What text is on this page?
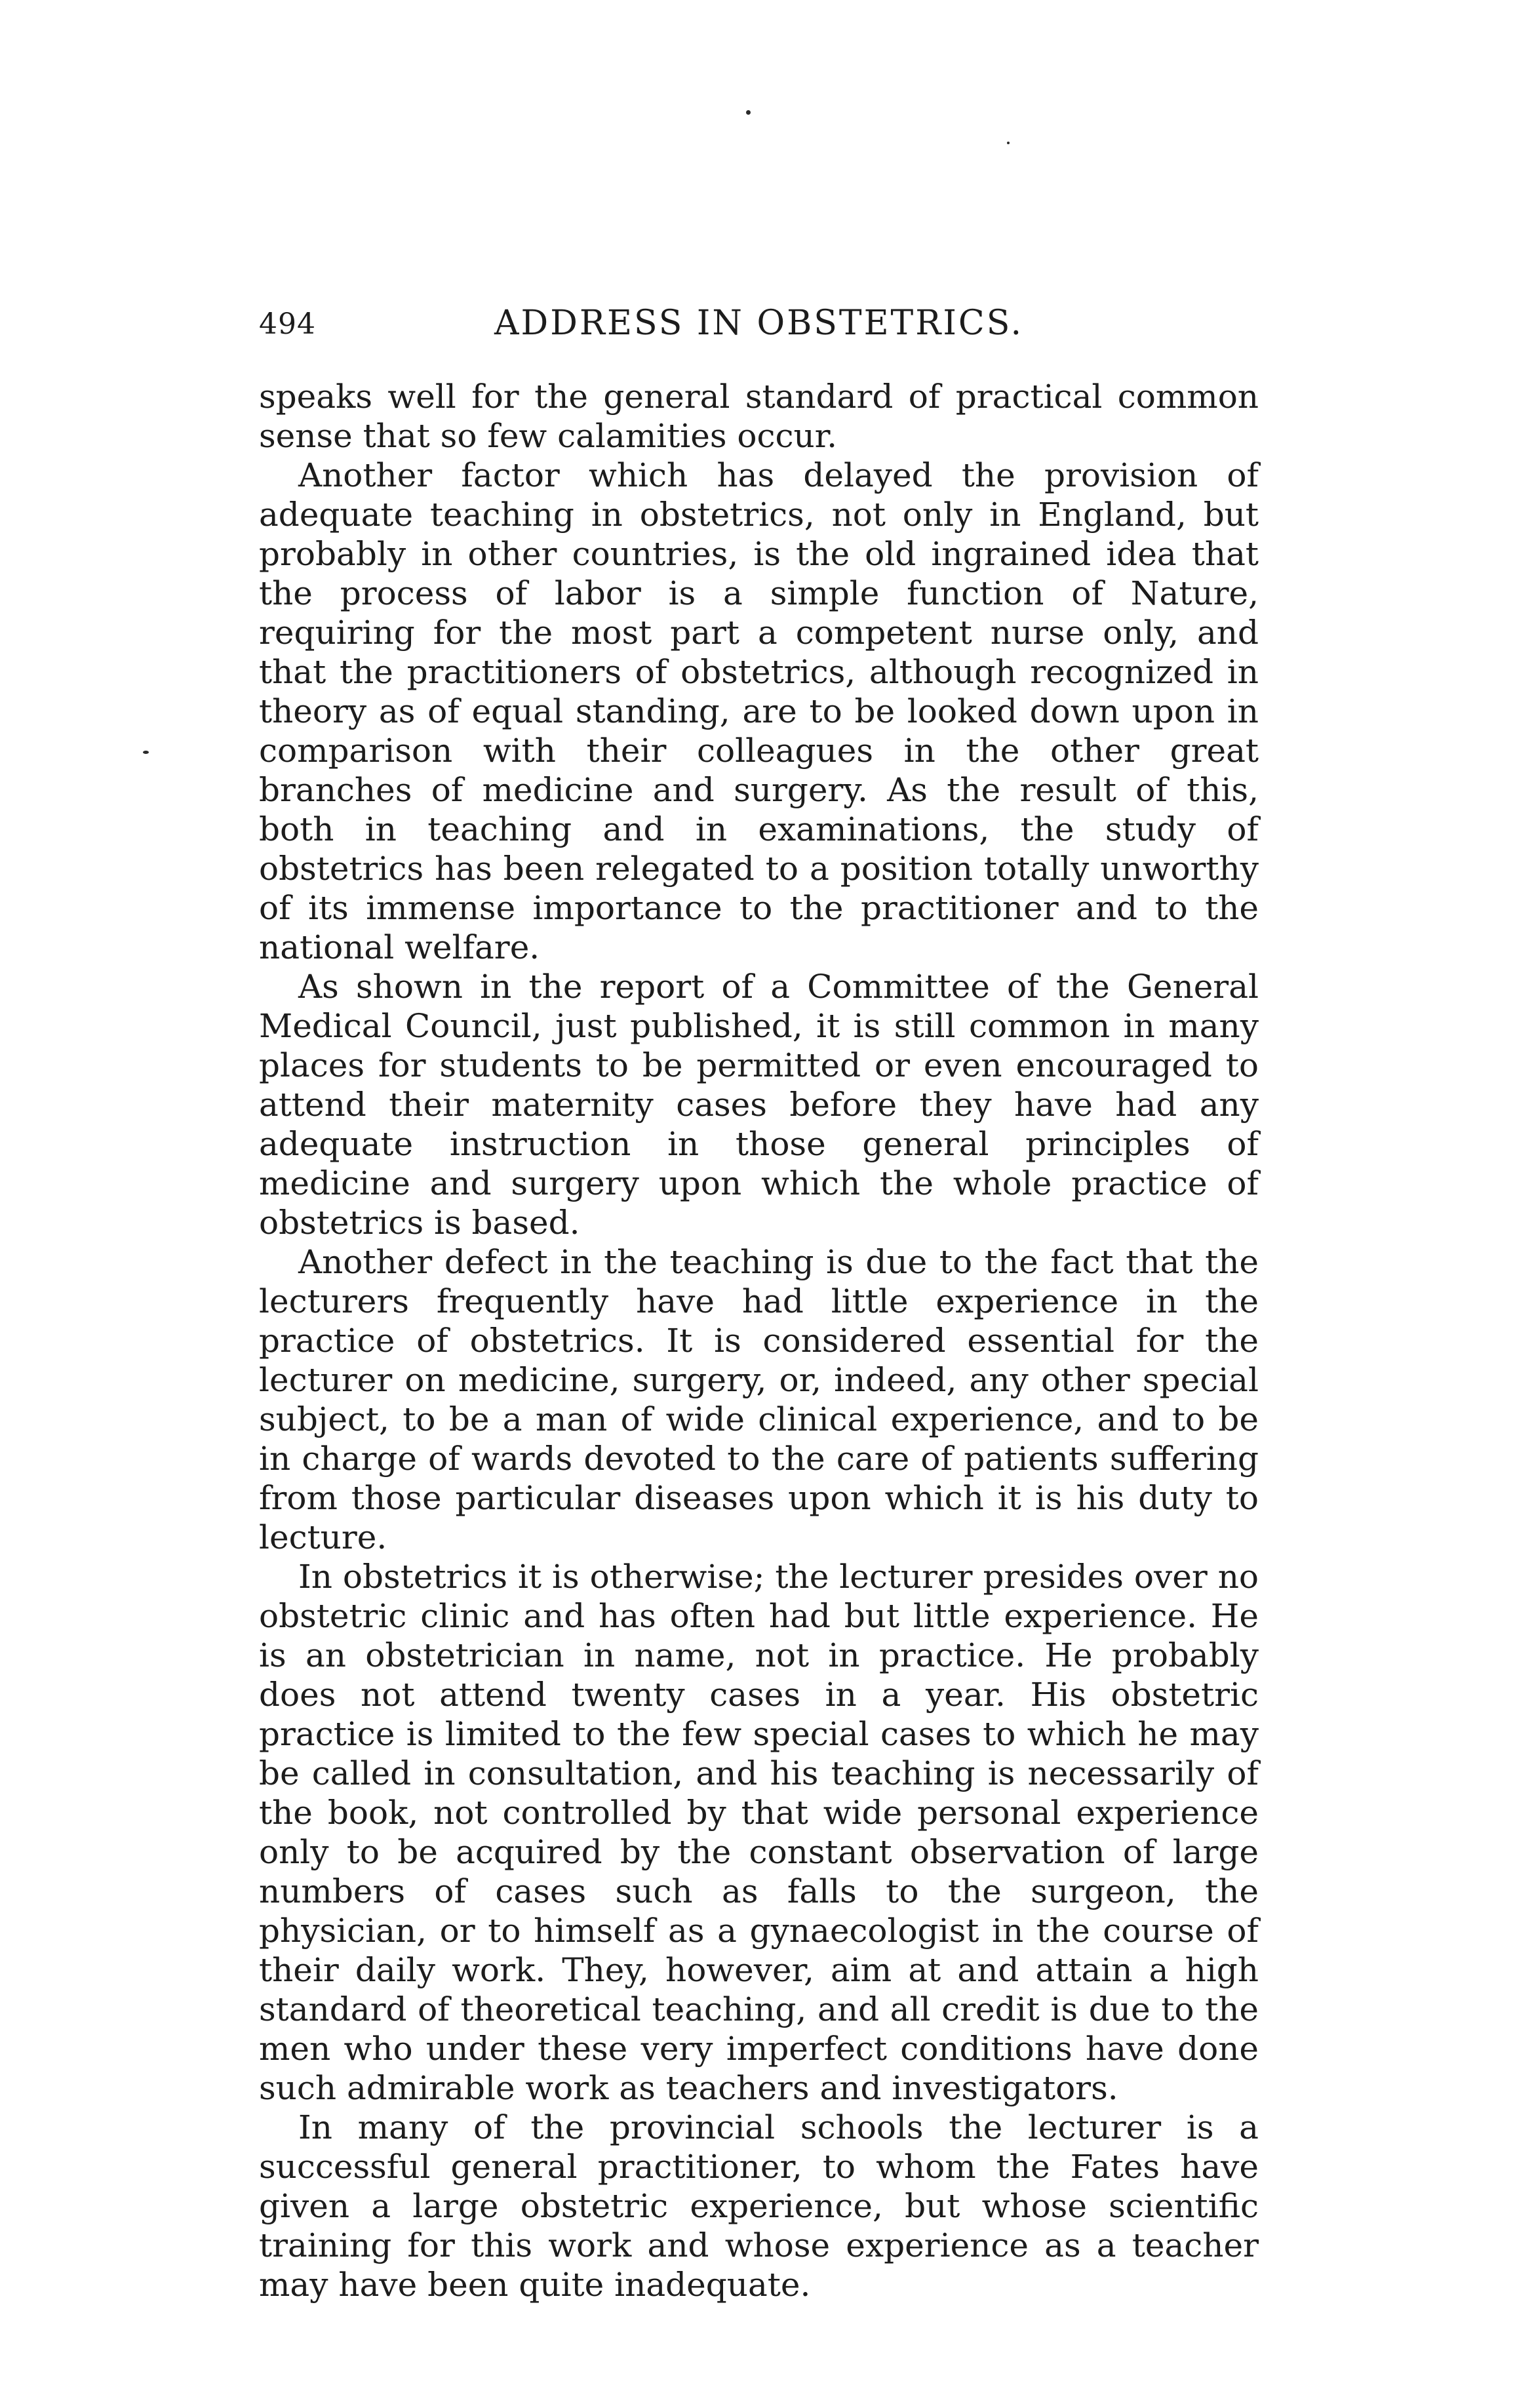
494	ADDRESS IN OBSTETRICS.

speaks well for the general standard of practical common sense that so few calamities occur.

Another factor which has delayed the provision of adequate teaching in obstetrics, not only in England, but probably in other countries, is the old ingrained idea that the process of labor is a simple function of Nature, requiring for the most part a competent nurse only, and that the practitioners of obstetrics, although recognized in theory as of equal standing, are to be looked down upon in comparison with their colleagues in the other great branches of medicine and surgery. As the result of this, both in teaching and in examinations, the study of obstetrics has been relegated to a position totally unworthy of its immense importance to the practitioner and to the national welfare.

As shown in the report of a Committee of the General Medical Council, just published, it is still common in many places for students to be permitted or even encouraged to attend their maternity cases before they have had any adequate instruction in those general principles of medicine and surgery upon which the whole practice of obstetrics is based.

Another defect in the teaching is due to the fact that the lecturers frequently have had little experience in the practice of obstetrics. It is considered essential for the lecturer on medicine, surgery, or, indeed, any other special subject, to be a man of wide clinical experience, and to be in charge of wards devoted to the care of patients suffering from those particular diseases upon which it is his duty to lecture.

In obstetrics it is otherwise; the lecturer presides over no obstetric clinic and has often had but little experience. He is an obstetrician in name, not in practice. He probably does not attend twenty cases in a year. His obstetric practice is limited to the few special cases to which he may be called in consultation, and his teaching is necessarily of the book, not controlled by that wide personal experience only to be acquired by the constant observation of large numbers of cases such as falls to the surgeon, the physician, or to himself as a gynaecologist in the course of their daily work. They, however, aim at and attain a high standard of theoretical teaching, and all credit is due to the men who under these very imperfect conditions have done such admirable work as teachers and investigators.

In many of the provincial schools the lecturer is a successful general practitioner, to whom the Fates have given a large obstetric experience, but whose scientific training for this work and whose experience as a teacher may have been quite inadequate.
